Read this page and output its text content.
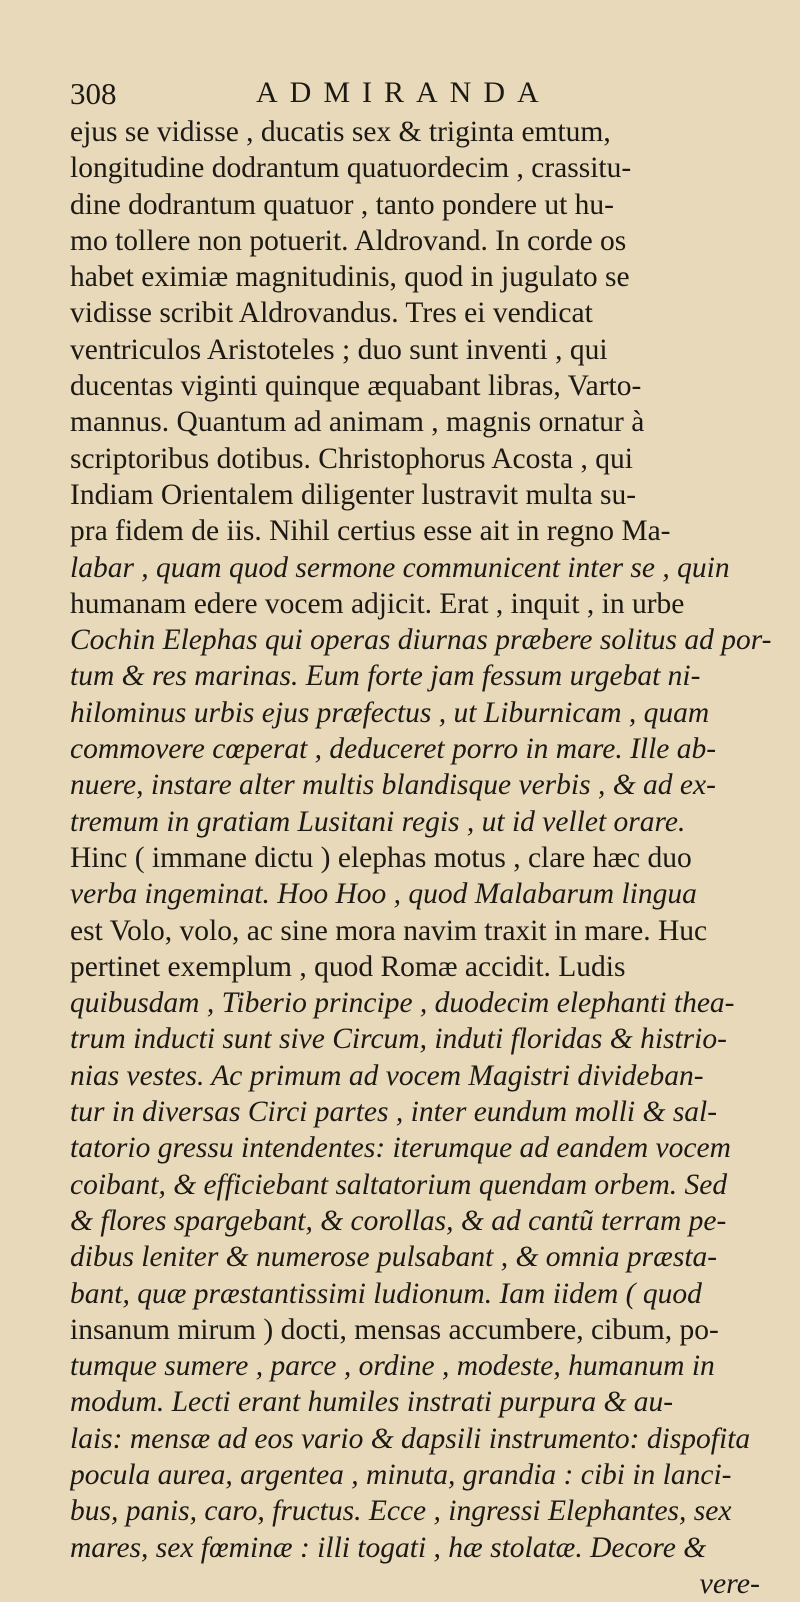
308	ADMIRANDA
ejus se vidisse , ducatis sex & triginta emtum,
longitudine dodrantum quatuordecim , crassitu-
dine dodrantum quatuor , tanto pondere ut hu-
mo tollere non potuerit. Aldrovand. In corde os
habet eximiæ magnitudinis, quod in jugulato se
vidisse scribit Aldrovandus. Tres ei vendicat
ventriculos Aristoteles ; duo sunt inventi , qui
ducentas viginti quinque æquabant libras, Varto-
mannus. Quantum ad animam , magnis ornatur à
scriptoribus dotibus. Christophorus Acosta , qui
Indiam Orientalem diligenter lustravit multa su-
pra fidem de iis. Nihil certius esse ait in regno Ma-
labar , quam quod sermone communicent inter se , quin
humanam edere vocem adjicit. Erat , inquit , in urbe
Cochin Elephas qui operas diurnas præbere solitus ad por-
tum & res marinas. Eum forte jam fessum urgebat ni-
hilominus urbis ejus præfectus , ut Liburnicam , quam
commovere cœperat , deduceret porro in mare. Ille ab-
nuere, instare alter multis blandisque verbis , & ad ex-
tremum in gratiam Lusitani regis , ut id vellet orare.
Hinc ( immane dictu ) elephas motus , clare hæc duo
verba ingeminat. Hoo Hoo , quod Malabarum lingua
est Volo, volo, ac sine mora navim traxit in mare. Huc
pertinet exemplum , quod Romæ accidit. Ludis
quibusdam , Tiberio principe , duodecim elephanti thea-
trum inducti sunt sive Circum, induti floridas & histrio-
nias vestes. Ac primum ad vocem Magistri divideban-
tur in diversas Circi partes , inter eundum molli & sal-
tatorio gressu intendentes: iterumque ad eandem vocem
coibant, & efficiebant saltatorium quendam orbem. Sed
& flores spargebant, & corollas, & ad cantũ terram pe-
dibus leniter & numerose pulsabant , & omnia præsta-
bant, quæ præstantissimi ludionum. Iam iidem ( quod
insanum mirum ) docti, mensas accumbere, cibum, po-
tumque sumere , parce , ordine , modeste, humanum in
modum. Lecti erant humiles instrati purpura & au-
lais: mensæ ad eos vario & dapsili instrumento: dispofita
pocula aurea, argentea , minuta, grandia : cibi in lanci-
bus, panis, caro, fructus. Ecce , ingressi Elephantes, sex
mares, sex fœminæ : illi togati , hæ stolatæ. Decore &
vere-
